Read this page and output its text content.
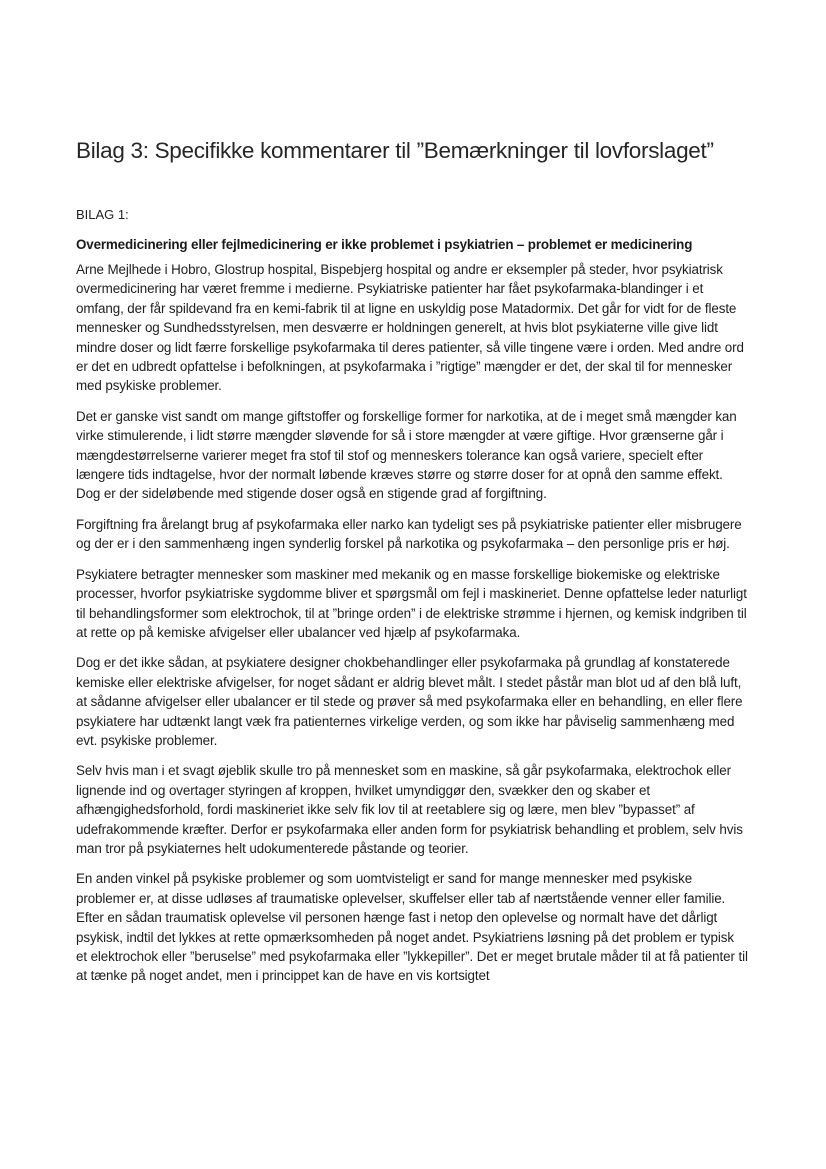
Bilag 3: Specifikke kommentarer til ”Bemærkninger til lovforslaget”
BILAG 1:
Overmedicinering eller fejlmedicinering er ikke problemet i psykiatrien – problemet er medicinering

Arne Mejlhede i Hobro, Glostrup hospital, Bispebjerg hospital og andre er eksempler på steder, hvor psykiatrisk overmedicinering har været fremme i medierne. Psykiatriske patienter har fået psykofarmaka-blandinger i et omfang, der får spildevand fra en kemi-fabrik til at ligne en uskyldig pose Matadormix. Det går for vidt for de fleste mennesker og Sundhedsstyrelsen, men desværre er holdningen generelt, at hvis blot psykiaterne ville give lidt mindre doser og lidt færre forskellige psykofarmaka til deres patienter, så ville tingene være i orden. Med andre ord er det en udbredt opfattelse i befolkningen, at psykofarmaka i ”rigtige” mængder er det, der skal til for mennesker med psykiske problemer.

Det er ganske vist sandt om mange giftstoffer og forskellige former for narkotika, at de i meget små mængder kan virke stimulerende, i lidt større mængder sløvende for så i store mængder at være giftige. Hvor grænserne går i mængdestørrelserne varierer meget fra stof til stof og menneskers tolerance kan også variere, specielt efter længere tids indtagelse, hvor der normalt løbende kræves større og større doser for at opnå den samme effekt. Dog er der sideløbende med stigende doser også en stigende grad af forgiftning.

Forgiftning fra årelangt brug af psykofarmaka eller narko kan tydeligt ses på psykiatriske patienter eller misbrugere og der er i den sammenhæng ingen synderlig forskel på narkotika og psykofarmaka – den personlige pris er høj.

Psykiatere betragter mennesker som maskiner med mekanik og en masse forskellige biokemiske og elektriske processer, hvorfor psykiatriske sygdomme bliver et spørgsmål om fejl i maskineriet. Denne opfattelse leder naturligt til behandlingsformer som elektrochok, til at ”bringe orden” i de elektriske strømme i hjernen, og kemisk indgriben til at rette op på kemiske afvigelser eller ubalancer ved hjælp af psykofarmaka.

Dog er det ikke sådan, at psykiatere designer chokbehandlinger eller psykofarmaka på grundlag af konstaterede kemiske eller elektriske afvigelser, for noget sådant er aldrig blevet målt. I stedet påstår man blot ud af den blå luft, at sådanne afvigelser eller ubalancer er til stede og prøver så med psykofarmaka eller en behandling, en eller flere psykiatere har udtænkt langt væk fra patienternes virkelige verden, og som ikke har påviselig sammenhæng med evt. psykiske problemer.

Selv hvis man i et svagt øjeblik skulle tro på mennesket som en maskine, så går psykofarmaka, elektrochok eller lignende ind og overtager styringen af kroppen, hvilket umyndiggør den, svækker den og skaber et afhængighedsforhold, fordi maskineriet ikke selv fik lov til at reetablere sig og lære, men blev ”bypasset” af udefrakommende kræfter. Derfor er psykofarmaka eller anden form for psykiatrisk behandling et problem, selv hvis man tror på psykiaternes helt udokumenterede påstande og teorier.

En anden vinkel på psykiske problemer og som uomtvisteligt er sand for mange mennesker med psykiske problemer er, at disse udløses af traumatiske oplevelser, skuffelser eller tab af nærtstående venner eller familie. Efter en sådan traumatisk oplevelse vil personen hænge fast i netop den oplevelse og normalt have det dårligt psykisk, indtil det lykkes at rette opmærksomheden på noget andet. Psykiatriens løsning på det problem er typisk et elektrochok eller ”beruselse” med psykofarmaka eller ”lykkepiller”. Det er meget brutale måder til at få patienter til at tænke på noget andet, men i princippet kan de have en vis kortsigtet
